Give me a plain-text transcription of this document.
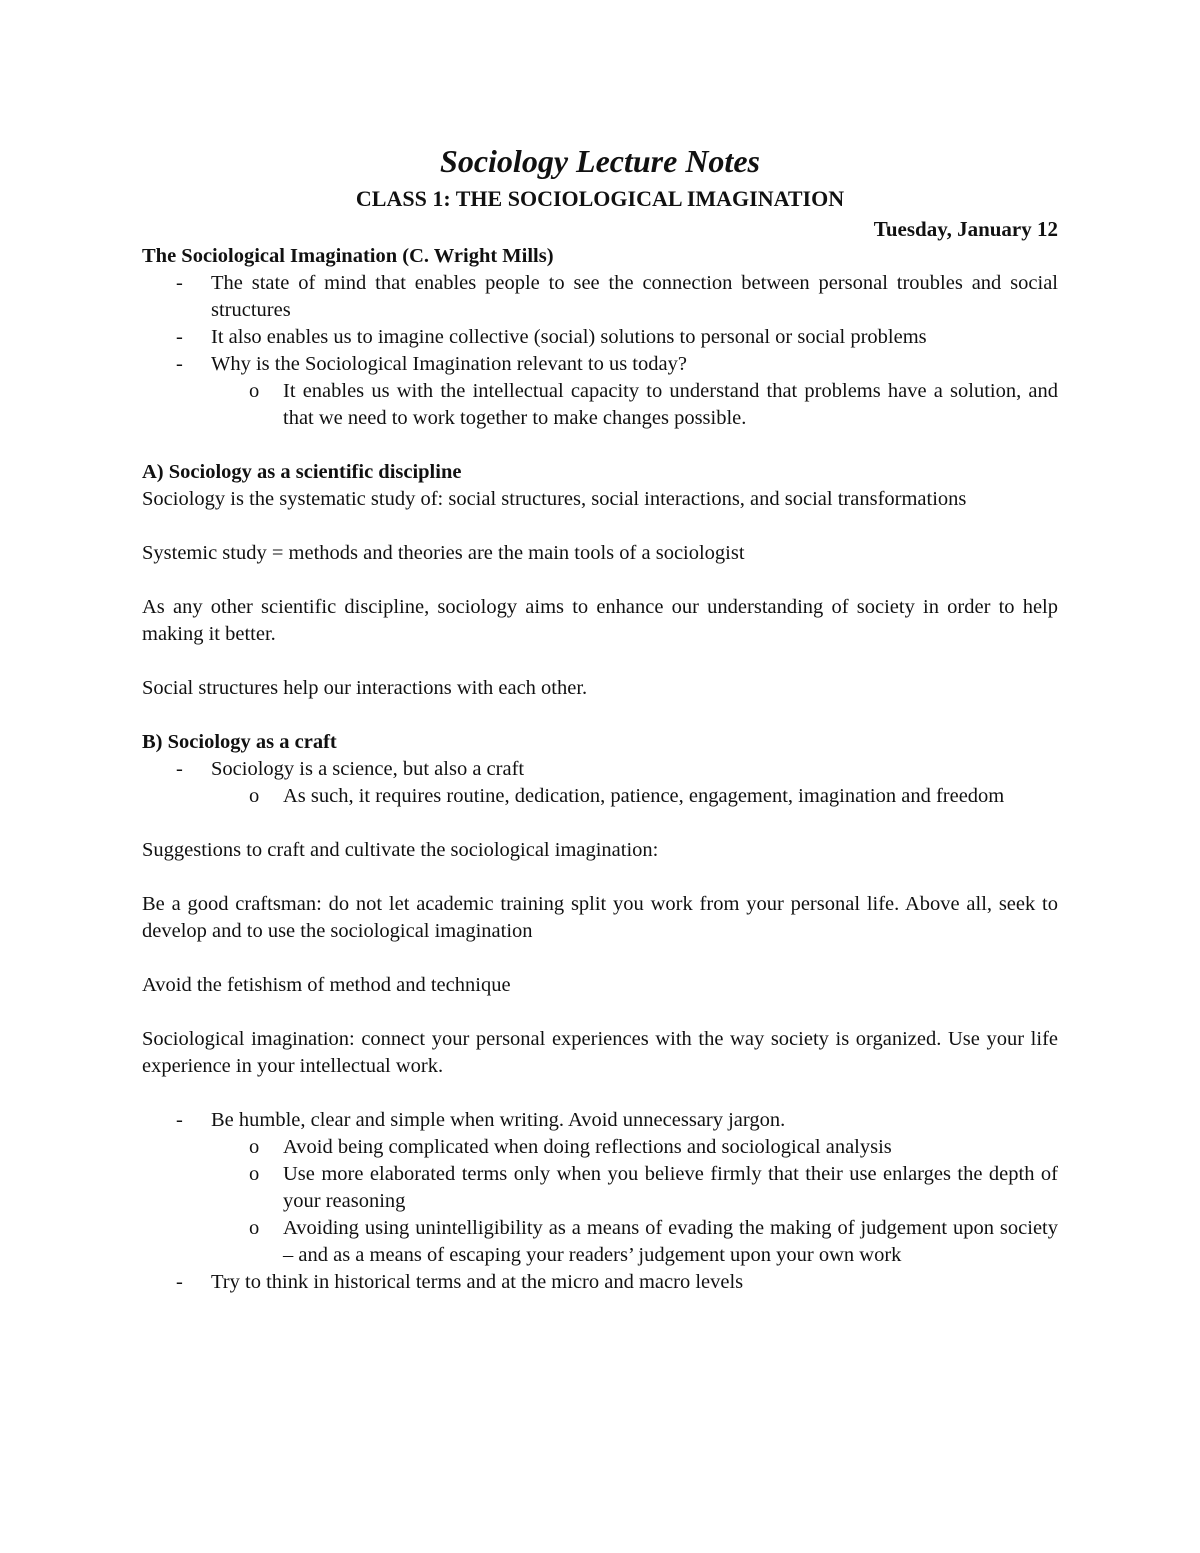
Sociology Lecture Notes
CLASS 1: THE SOCIOLOGICAL IMAGINATION
Tuesday, January 12
The Sociological Imagination (C. Wright Mills)
- The state of mind that enables people to see the connection between personal troubles and social structures
- It also enables us to imagine collective (social) solutions to personal or social problems
- Why is the Sociological Imagination relevant to us today?
o It enables us with the intellectual capacity to understand that problems have a solution, and that we need to work together to make changes possible.
A) Sociology as a scientific discipline

Sociology is the systematic study of: social structures, social interactions, and social transformations

Systemic study = methods and theories are the main tools of a sociologist

As any other scientific discipline, sociology aims to enhance our understanding of society in order to help making it better.

Social structures help our interactions with each other.

B) Sociology as a craft
- Sociology is a science, but also a craft
o As such, it requires routine, dedication, patience, engagement, imagination and freedom

Suggestions to craft and cultivate the sociological imagination:

Be a good craftsman: do not let academic training split you work from your personal life. Above all, seek to develop and to use the sociological imagination

Avoid the fetishism of method and technique

Sociological imagination: connect your personal experiences with the way society is organized. Use your life experience in your intellectual work.

- Be humble, clear and simple when writing. Avoid unnecessary jargon.
o Avoid being complicated when doing reflections and sociological analysis
o Use more elaborated terms only when you believe firmly that their use enlarges the depth of your reasoning
o Avoiding using unintelligibility as a means of evading the making of judgement upon society – and as a means of escaping your readers’ judgement upon your own work
- Try to think in historical terms and at the micro and macro levels
